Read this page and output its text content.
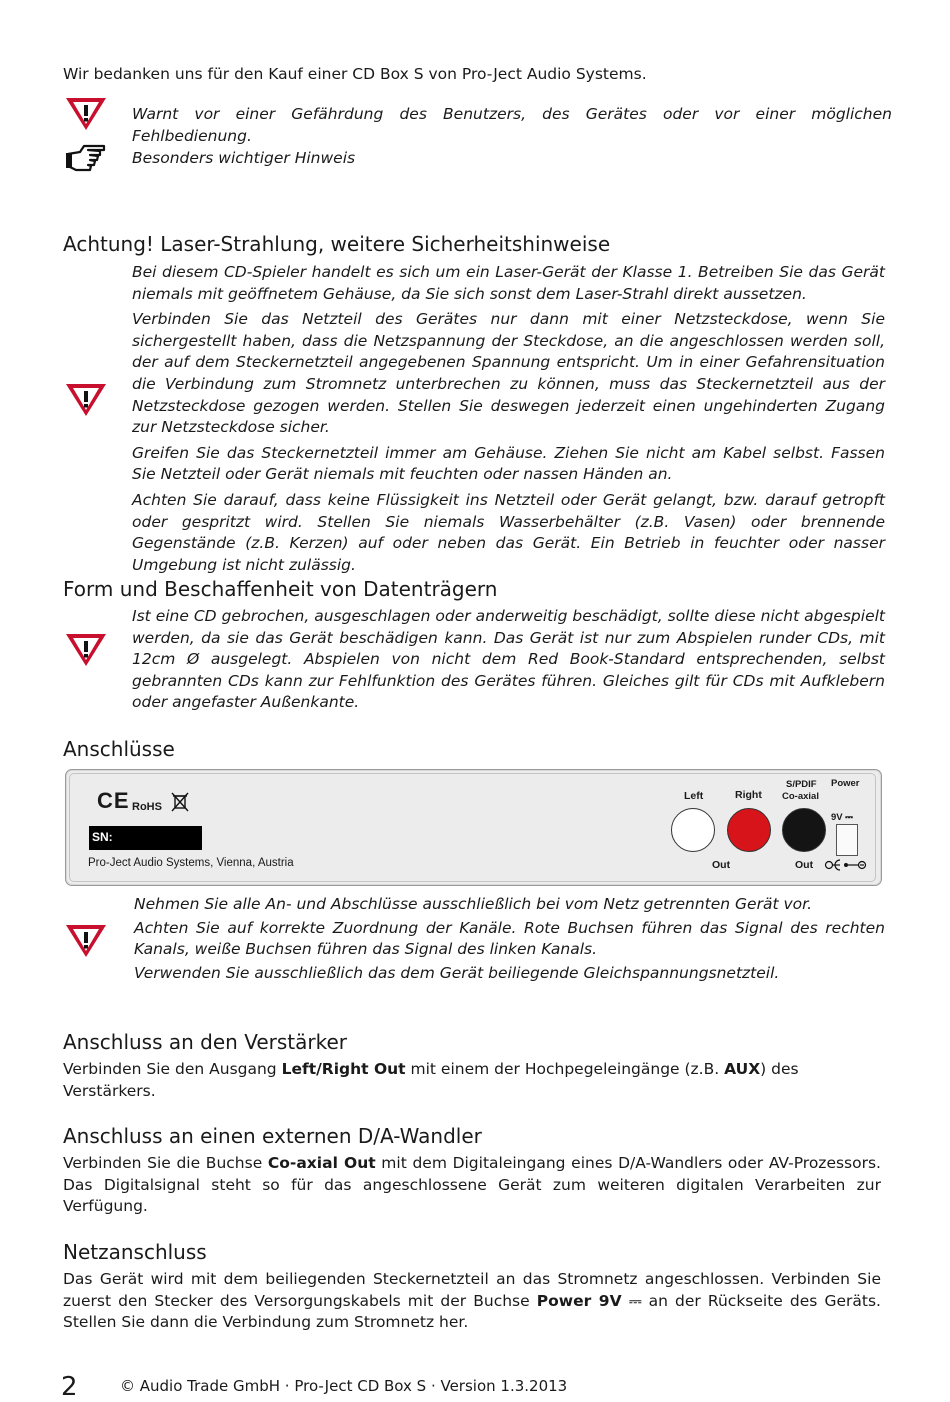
Wir bedanken uns für den Kauf einer CD Box S von Pro-Ject Audio Systems.

Warnt vor einer Gefährdung des Benutzers, des Gerätes oder vor einer möglichen Fehlbedienung.

Besonders wichtiger Hinweis

Achtung! Laser-Strahlung, weitere Sicherheitshinweise

Bei diesem CD-Spieler handelt es sich um ein Laser-Gerät der Klasse 1. Betreiben Sie das Gerät niemals mit geöffnetem Gehäuse, da Sie sich sonst dem Laser-Strahl direkt aussetzen.

Verbinden Sie das Netzteil des Gerätes nur dann mit einer Netzsteckdose, wenn Sie sichergestellt haben, dass die Netzspannung der Steckdose, an die angeschlossen werden soll, der auf dem Steckernetzteil angegebenen Spannung entspricht. Um in einer Gefahrensituation die Verbindung zum Stromnetz unterbrechen zu können, muss das Steckernetzteil aus der Netzsteckdose gezogen werden. Stellen Sie deswegen jederzeit einen ungehinderten Zugang zur Netzsteckdose sicher.

Greifen Sie das Steckernetzteil immer am Gehäuse. Ziehen Sie nicht am Kabel selbst. Fassen Sie Netzteil oder Gerät niemals mit feuchten oder nassen Händen an.

Achten Sie darauf, dass keine Flüssigkeit ins Netzteil oder Gerät gelangt, bzw. darauf getropft oder gespritzt wird. Stellen Sie niemals Wasserbehälter (z.B. Vasen) oder brennende Gegenstände (z.B. Kerzen) auf oder neben das Gerät. Ein Betrieb in feuchter oder nasser Umgebung ist nicht zulässig.

Form und Beschaffenheit von Datenträgern

Ist eine CD gebrochen, ausgeschlagen oder anderweitig beschädigt, sollte diese nicht abgespielt werden, da sie das Gerät beschädigen kann. Das Gerät ist nur zum Abspielen runder CDs, mit 12cm Ø ausgelegt. Abspielen von nicht dem Red Book-Standard entsprechenden, selbst gebrannten CDs kann zur Fehlfunktion des Gerätes führen. Gleiches gilt für CDs mit Aufklebern oder angefaster Außenkante.

Anschlüsse
CE RoHS
SN:
Pro-Ject Audio Systems, Vienna, Austria
Left	Right
S/PDIF
Co-axial
Power
9V ⎓
Out	Out

Nehmen Sie alle An- und Abschlüsse ausschließlich bei vom Netz getrennten Gerät vor.

Achten Sie auf korrekte Zuordnung der Kanäle. Rote Buchsen führen das Signal des rechten Kanals, weiße Buchsen führen das Signal des linken Kanals.

Verwenden Sie ausschließlich das dem Gerät beiliegende Gleichspannungsnetzteil.

Anschluss an den Verstärker

Verbinden Sie den Ausgang Left/Right Out mit einem der Hochpegeleingänge (z.B. AUX) des Verstärkers.

Anschluss an einen externen D/A-Wandler

Verbinden Sie die Buchse Co-axial Out mit dem Digitaleingang eines D/A-Wandlers oder AV-Prozessors. Das Digitalsignal steht so für das angeschlossene Gerät zum weiteren digitalen Verarbeiten zur Verfügung.

Netzanschluss

Das Gerät wird mit dem beiliegenden Steckernetzteil an das Stromnetz angeschlossen. Verbinden Sie zuerst den Stecker des Versorgungskabels mit der Buchse Power 9V ⎓ an der Rückseite des Geräts. Stellen Sie dann die Verbindung zum Stromnetz her.

2	© Audio Trade GmbH · Pro-Ject CD Box S · Version 1.3.2013
